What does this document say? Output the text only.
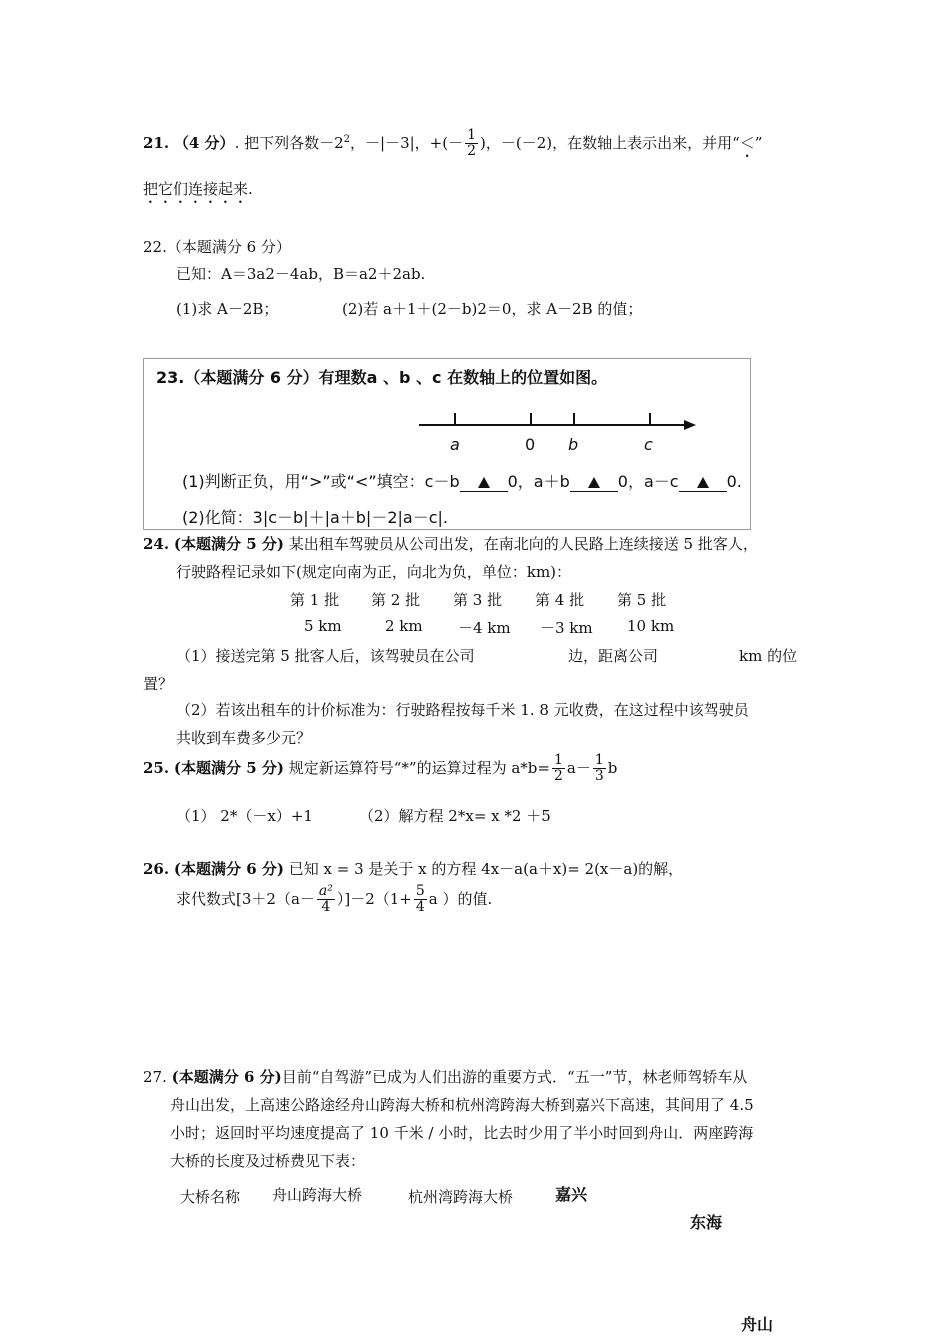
21. （4 分）. 把下列各数$-2^2$，－|－3|，+(－ $\frac{1}{2}$ )，－(－2)，在数轴上表示出来，并用“＜”
把它们连接起来.
22.（本题满分 6 分）
已知：A＝3a2－4ab，B＝a2＋2ab.
(1)求 A－2B；	(2)若 a＋1＋(2－b)2＝0，求 A－2B 的值；
23.（本题满分 6 分）有理数a 、b 、c 在数轴上的位置如图。
a	0 b	c
(1)判断正负，用“>”或“<”填空：c－b	0，a＋b	0，a－c	0.
(2)化简：3|c－b|＋|a＋b|－2|a－c|.
24. (本题满分 5 分) 某出租车驾驶员从公司出发，在南北向的人民路上连续接送 5 批客人，
行驶路程记录如下(规定向南为正，向北为负，单位：km)：
第 1 批 第 2 批 第 3 批 第 4 批 第 5 批
5 km	2 km －4 km －3 km 10 km
（1）接送完第 5 批客人后，该驾驶员在公司	边，距离公司	km 的位
置？
（2）若该出租车的计价标准为：行驶路程按每千米 1. 8 元收费，在这过程中该驾驶员
共收到车费多少元？
25. (本题满分 5 分) 规定新运算符号“*”的运算过程为 $a*b= \frac{1}{2} a- \frac{1}{3}$ b
（1） 2*（－x）+1	（2）解方程 2*x= x *2 ＋5
26. (本题满分 6 分) 已知 x = 3 是关于 x 的方程 4x－a(a＋x)= 2(x－a)的解，
求代数式$[3+2(a- \frac{\text{a²}}{4} )]-2(1+ \frac{5}{4}$ a ）的值.
27. (本题满分 6 分)目前“自驾游”已成为人们出游的重要方式．“五一”节，林老师驾轿车从
舟山出发，上高速公路途经舟山跨海大桥和杭州湾跨海大桥到嘉兴下高速，其间用了 4.5
小时；返回时平均速度提高了 10 千米 / 小时，比去时少用了半小时回到舟山．两座跨海
大桥的长度及过桥费见下表：
大桥名称 舟山跨海大桥	杭州湾跨海大桥	嘉兴
东海
舟山
